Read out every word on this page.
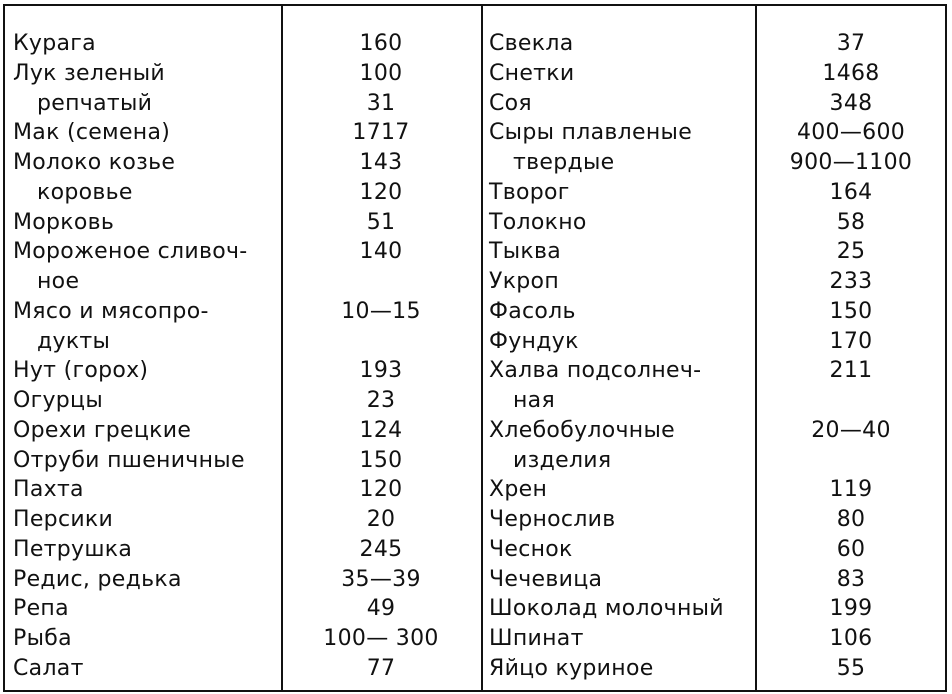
Курага
Лук зеленый
репчатый
Мак (семена)
Молоко козье
коровье
Морковь
Мороженое сливоч-
ное
Мясо и мясопро-
дукты
Нут (горох)
Огурцы
Орехи грецкие
Отруби пшеничные
Пахта
Персики
Петрушка
Редис, редька
Репа
Рыба
Салат
160
100
31
1717
143
120
51
140
10—15
193
23
124
150
120
20
245
35—39
49
100— 300
77
Свекла
Снетки
Соя
Сыры плавленые
твердые
Творог
Толокно
Тыква
Укроп
Фасоль
Фундук
Халва подсолнеч-
ная
Хлебобулочные
изделия
Хрен
Чернослив
Чеснок
Чечевица
Шоколад молочный
Шпинат
Яйцо куриное
37
1468
348
400—600
900—1100
164
58
25
233
150
170
211
20—40
119
80
60
83
199
106
55
